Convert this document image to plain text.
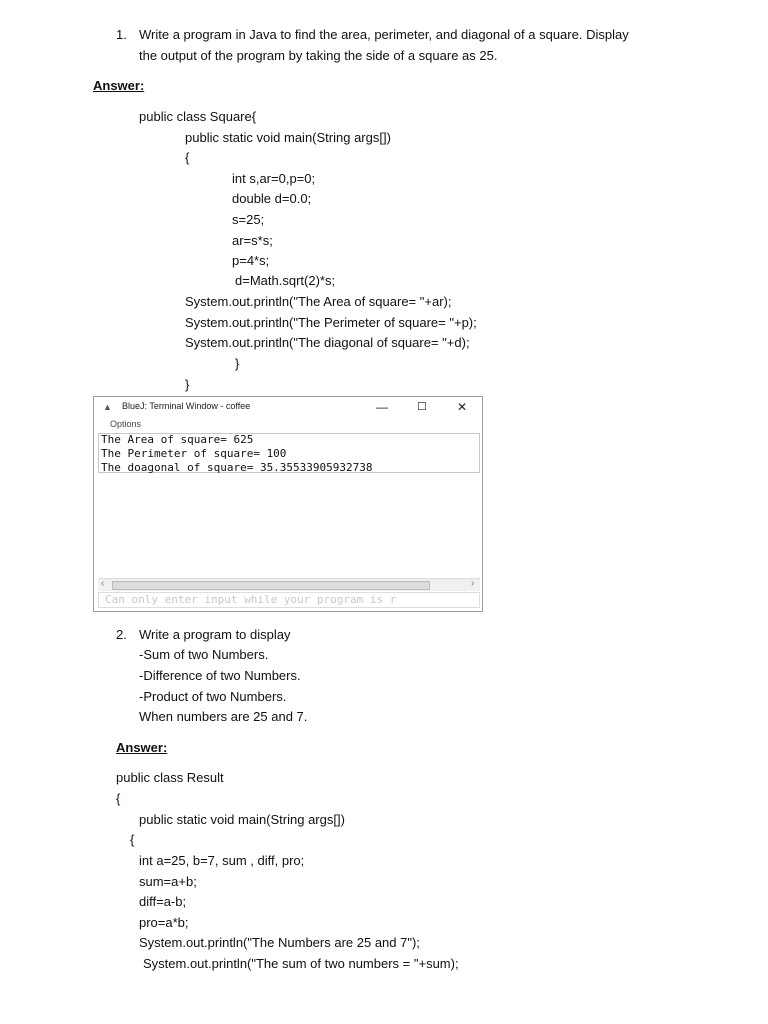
1. Write a program in Java to find the area, perimeter, and diagonal of a square. Display
the output of the program by taking the side of a square as 25.
Answer:
public class Square{
public static void main(String args[])
{
int s,ar=0,p=0;
double d=0.0;
s=25;
ar=s*s;
p=4*s;
d=Math.sqrt(2)*s;
System.out.println("The Area of square= "+ar);
System.out.println("The Perimeter of square= "+p);
System.out.println("The diagonal of square= "+d);
}
}
▲ BlueJ: Terminal Window - coffee	—	☐	✕
Options
The Area of square= 625
The Perimeter of square= 100
The doagonal of square= 35.35533905932738
‹	›
Can only enter input while your program is r
2. Write a program to display
-Sum of two Numbers.
-Difference of two Numbers.
-Product of two Numbers.
When numbers are 25 and 7.
Answer:
public class Result
{
public static void main(String args[])
{
int a=25, b=7, sum , diff, pro;
sum=a+b;
diff=a-b;
pro=a*b;
System.out.println("The Numbers are 25 and 7");
System.out.println("The sum of two numbers = "+sum);
